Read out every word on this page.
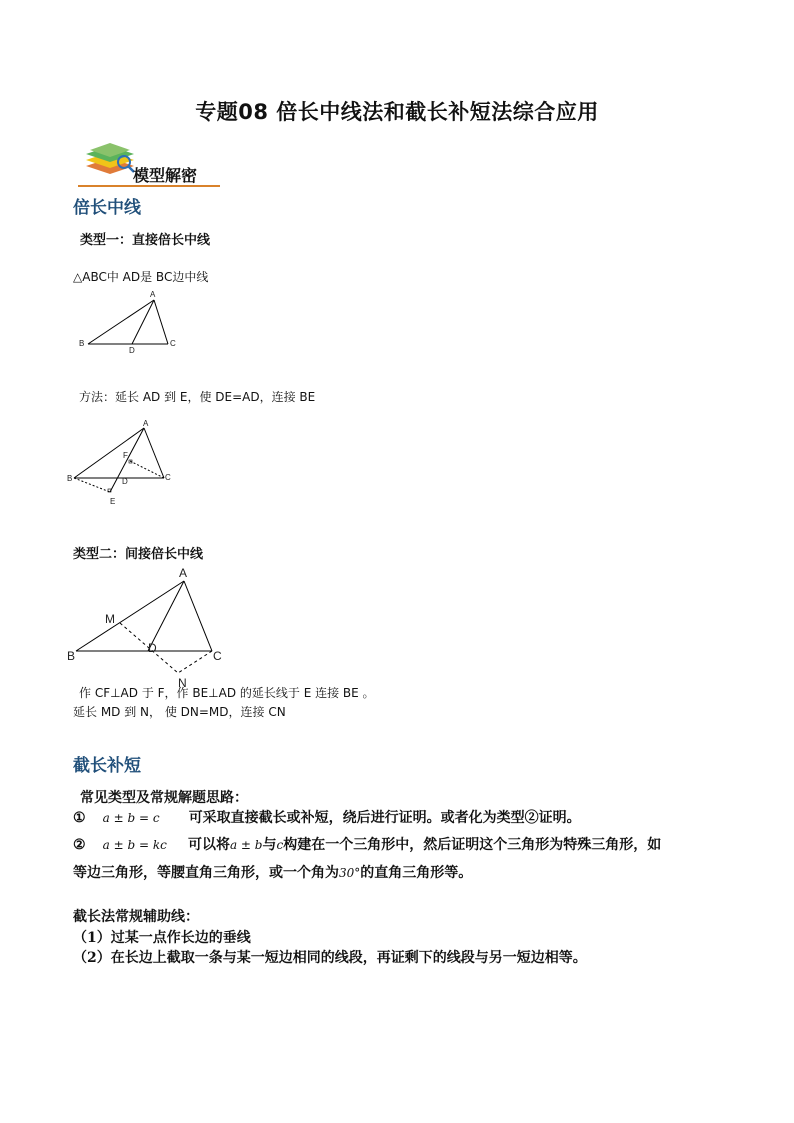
专题08 倍长中线法和截长补短法综合应用
模型解密
倍长中线
类型一：直接倍长中线
△ABC中 AD是 BC边中线
A
B	C
D
方法：延长 AD 到 E，使 DE=AD，连接 BE
A
B	C
D
E
F
类型二：间接倍长中线
A
B	C
D
M
N
作 CF⊥AD 于 F，作 BE⊥AD 的延长线于 E 连接 BE 。
延长 MD 到 N， 使 DN=MD，连接 CN
截长补短
常见类型及常规解题思路：
① a ± b = c 可采取直接截长或补短，绕后进行证明。或者化为类型②证明。
② a ± b = kc 可以将a ± b与c构建在一个三角形中，然后证明这个三角形为特殊三角形，如
等边三角形，等腰直角三角形，或一个角为30°的直角三角形等。
截长法常规辅助线：
（1）过某一点作长边的垂线
（2）在长边上截取一条与某一短边相同的线段，再证剩下的线段与另一短边相等。
